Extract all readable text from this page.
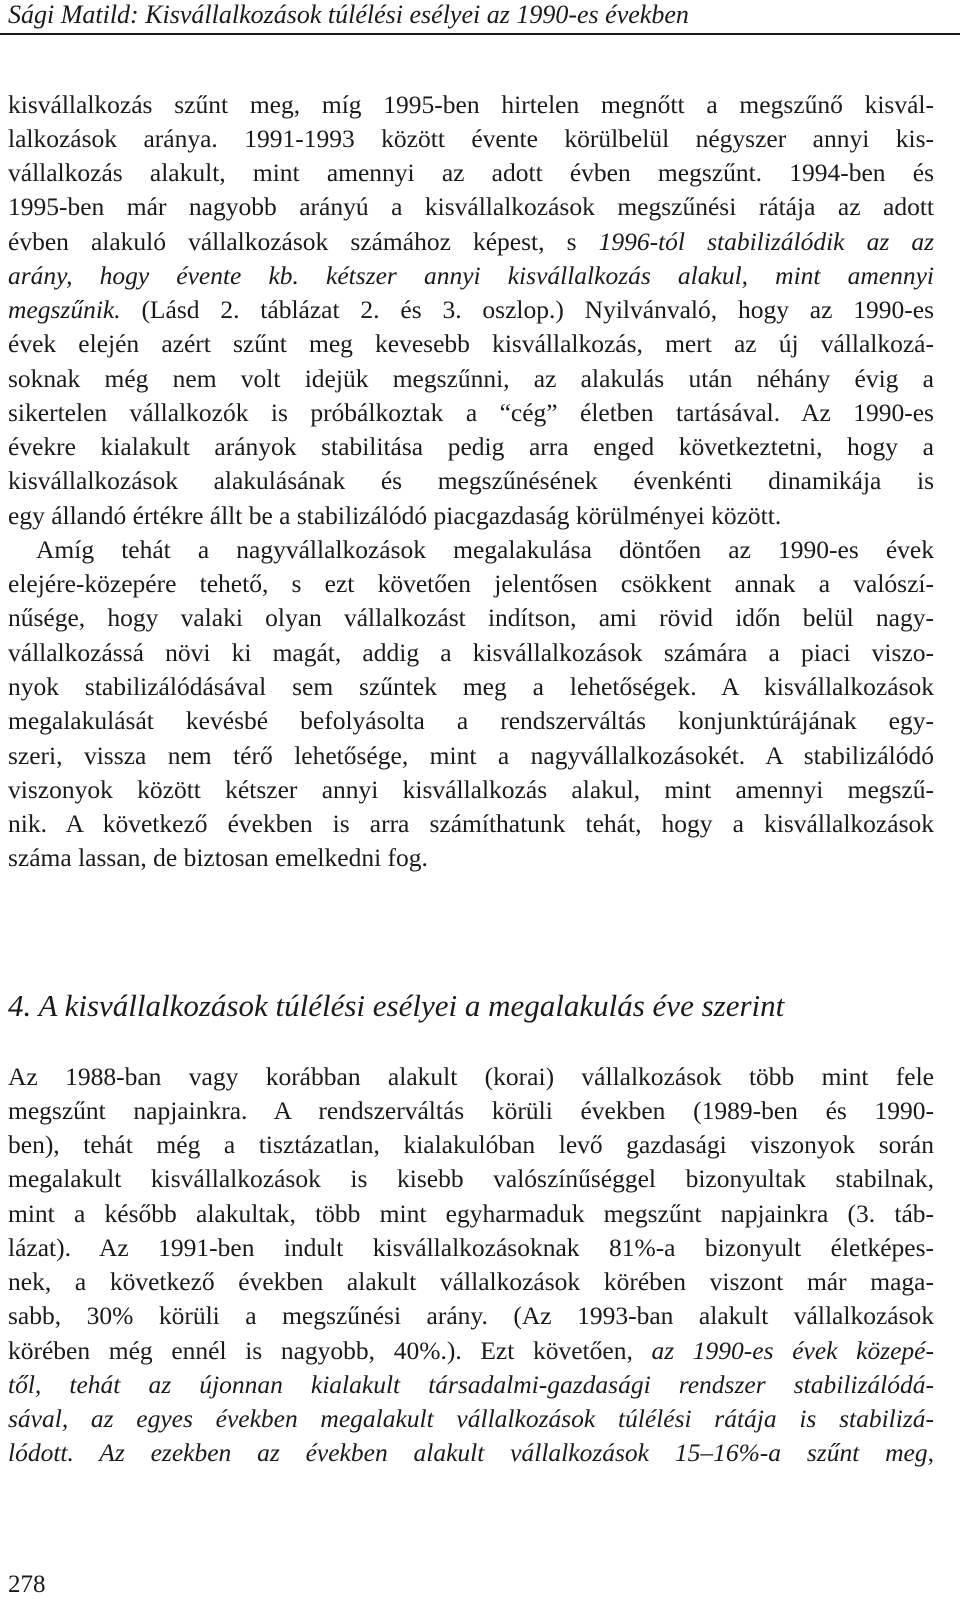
Sági Matild: Kisvállalkozások túlélési esélyei az 1990-es években
kisvállalkozás szűnt meg, míg 1995-ben hirtelen megnőtt a megszűnő kisvál-
lalkozások aránya. 1991-1993 között évente körülbelül négyszer annyi kis-
vállalkozás alakult, mint amennyi az adott évben megszűnt. 1994-ben és
1995-ben már nagyobb arányú a kisvállalkozások megszűnési rátája az adott
évben alakuló vállalkozások számához képest, s 1996-tól stabilizálódik az az
arány, hogy évente kb. kétszer annyi kisvállalkozás alakul, mint amennyi
megszűnik. (Lásd 2. táblázat 2. és 3. oszlop.) Nyilvánvaló, hogy az 1990-es
évek elején azért szűnt meg kevesebb kisvállalkozás, mert az új vállalkozá-
soknak még nem volt idejük megszűnni, az alakulás után néhány évig a
sikertelen vállalkozók is próbálkoztak a “cég” életben tartásával. Az 1990-es
évekre kialakult arányok stabilitása pedig arra enged következtetni, hogy a
kisvállalkozások alakulásának és megszűnésének évenkénti dinamikája is
egy állandó értékre állt be a stabilizálódó piacgazdaság körülményei között.
Amíg tehát a nagyvállalkozások megalakulása döntően az 1990-es évek
elejére-közepére tehető, s ezt követően jelentősen csökkent annak a valószí-
nűsége, hogy valaki olyan vállalkozást indítson, ami rövid időn belül nagy-
vállalkozássá növi ki magát, addig a kisvállalkozások számára a piaci viszo-
nyok stabilizálódásával sem szűntek meg a lehetőségek. A kisvállalkozások
megalakulását kevésbé befolyásolta a rendszerváltás konjunktúrájának egy-
szeri, vissza nem térő lehetősége, mint a nagyvállalkozásokét. A stabilizálódó
viszonyok között kétszer annyi kisvállalkozás alakul, mint amennyi megszű-
nik. A következő években is arra számíthatunk tehát, hogy a kisvállalkozások
száma lassan, de biztosan emelkedni fog.
4. A kisvállalkozások túlélési esélyei a megalakulás éve szerint
Az 1988-ban vagy korábban alakult (korai) vállalkozások több mint fele
megszűnt napjainkra. A rendszerváltás körüli években (1989-ben és 1990-
ben), tehát még a tisztázatlan, kialakulóban levő gazdasági viszonyok során
megalakult kisvállalkozások is kisebb valószínűséggel bizonyultak stabilnak,
mint a később alakultak, több mint egyharmaduk megszűnt napjainkra (3. táb-
lázat). Az 1991-ben indult kisvállalkozásoknak 81%-a bizonyult életképes-
nek, a következő években alakult vállalkozások körében viszont már maga-
sabb, 30% körüli a megszűnési arány. (Az 1993-ban alakult vállalkozások
körében még ennél is nagyobb, 40%.). Ezt követően, az 1990-es évek közepé-
től, tehát az újonnan kialakult társadalmi-gazdasági rendszer stabilizálódá-
sával, az egyes években megalakult vállalkozások túlélési rátája is stabilizá-
lódott. Az ezekben az években alakult vállalkozások 15–16%-a szűnt meg,
278
